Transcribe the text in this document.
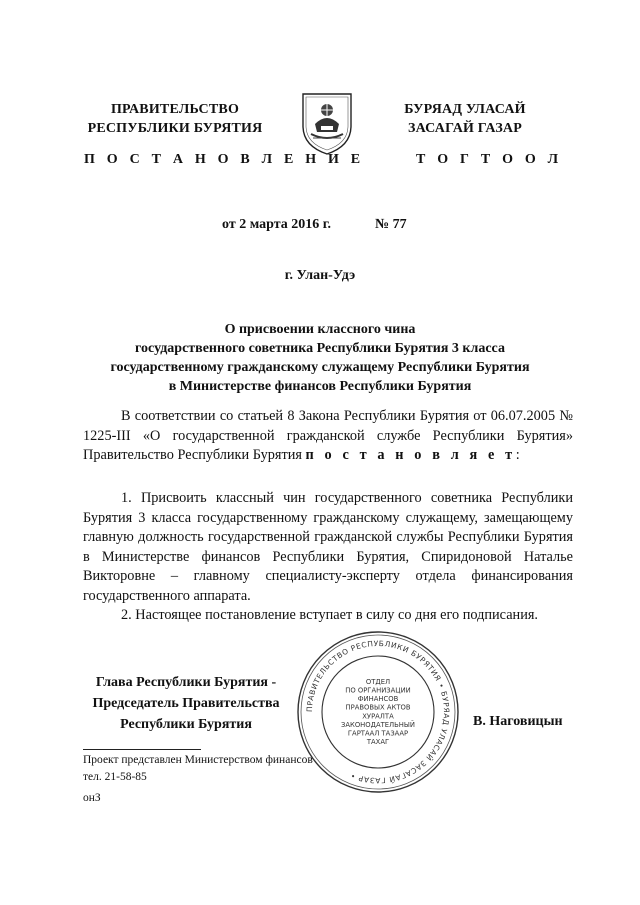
ПРАВИТЕЛЬСТВО
РЕСПУБЛИКИ БУРЯТИЯ
П О С Т А Н О В Л Е Н И Е
БУРЯАД УЛАСАЙ
ЗАСАГАЙ ГАЗАР
Т О Г Т О О Л
от 2 марта 2016 г.	№ 77
г. Улан-Удэ
О присвоении классного чина
государственного советника Республики Бурятия 3 класса
государственному гражданскому служащему Республики Бурятия
в Министерстве финансов Республики Бурятия
В соответствии со статьей 8 Закона Республики Бурятия от 06.07.2005 № 1225-III «О государственной гражданской службе Республики Бурятия» Правительство Республики Бурятия п о с т а н о в л я е т:
1. Присвоить классный чин государственного советника Республики Бурятия 3 класса государственному гражданскому служащему, замещающему главную должность государственной гражданской службы Республики Бурятия в Министерстве финансов Республики Бурятия, Спиридоновой Наталье Викторовне – главному специалисту-эксперту отдела финансирования государственного аппарата.
2. Настоящее постановление вступает в силу со дня его подписания.
Глава Республики Бурятия -
Председатель Правительства
Республики Бурятия	В. Наговицын
ПРАВИТЕЛЬСТВО РЕСПУБЛИКИ БУРЯТИЯ • БУРЯАД УЛАСАЙ ЗАСАГАЙ ГАЗАР •
ОТДЕЛ
ПО ОРГАНИЗАЦИИ
ФИНАНСОВ
ПРАВОВЫХ АКТОВ
ХУРАЛТА
ЗАКОНОДАТЕЛЬНЫЙ
ГАРТААЛ ТАЗААР
ТАХАГ
Проект представлен Министерством финансов
тел. 21-58-85
онЗ
